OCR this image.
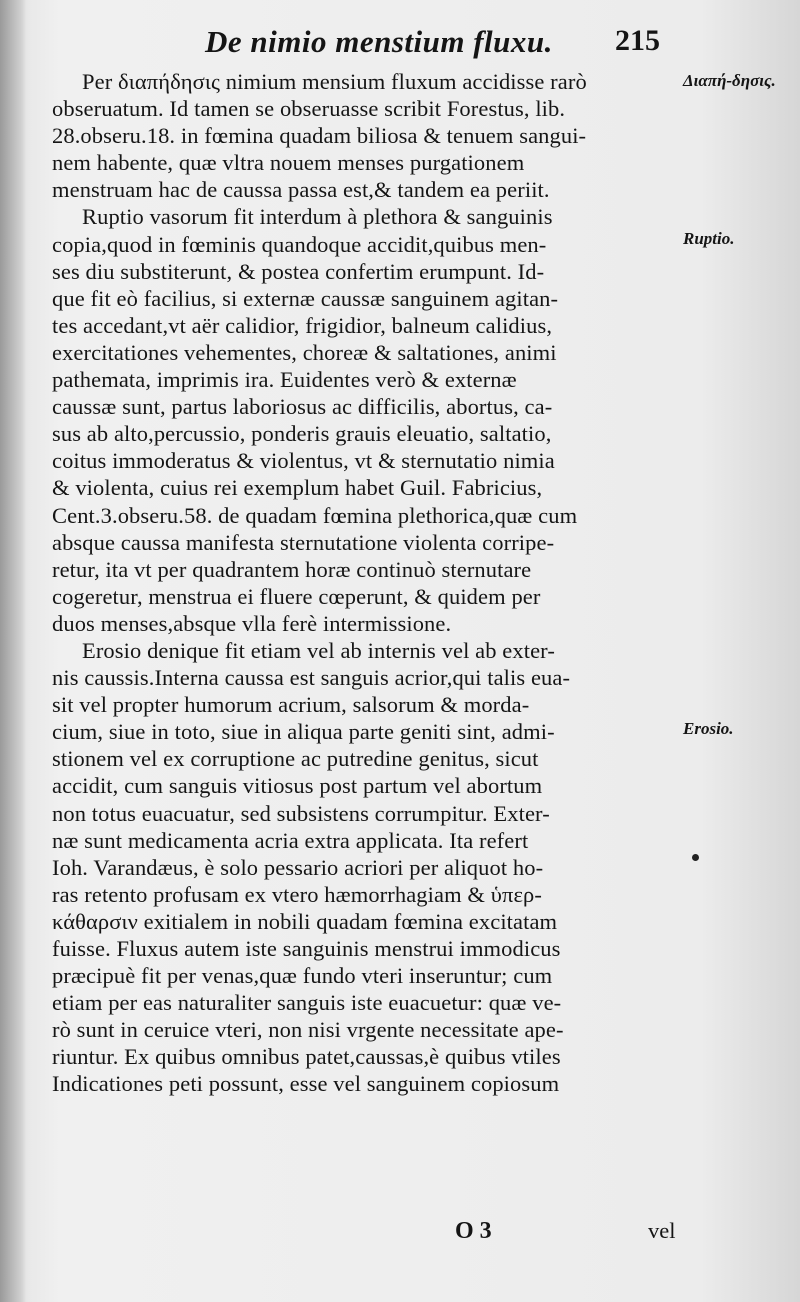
De nimio menstium fluxu. 215
Per διαπήδησις nimium mensium fluxum accidisse rarò
obseruatum. Id tamen se obseruasse scribit Forestus, lib.
28.obseru.18. in fœmina quadam biliosa & tenuem sangui-
nem habente, quæ vltra nouem menses purgationem
menstruam hac de caussa passa est,& tandem ea periit.
Ruptio vasorum fit interdum à plethora & sanguinis
copia,quod in fœminis quandoque accidit,quibus men-
ses diu substiterunt, & postea confertim erumpunt. Id-
que fit eò facilius, si externæ caussæ sanguinem agitan-
tes accedant,vt aër calidior, frigidior, balneum calidius,
exercitationes vehementes, choreæ & saltationes, animi
pathemata, imprimis ira. Euidentes verò & externæ
caussæ sunt, partus laboriosus ac difficilis, abortus, ca-
sus ab alto,percussio, ponderis grauis eleuatio, saltatio,
coitus immoderatus & violentus, vt & sternutatio nimia
& violenta, cuius rei exemplum habet Guil. Fabricius,
Cent.3.obseru.58. de quadam fœmina plethorica,quæ cum
absque caussa manifesta sternutatione violenta corripe-
retur, ita vt per quadrantem horæ continuò sternutare
cogeretur, menstrua ei fluere cœperunt, & quidem per
duos menses,absque vlla ferè intermissione.
Erosio denique fit etiam vel ab internis vel ab exter-
nis caussis.Interna caussa est sanguis acrior,qui talis eua-
sit vel propter humorum acrium, salsorum & morda-
cium, siue in toto, siue in aliqua parte geniti sint, admi-
stionem vel ex corruptione ac putredine genitus, sicut
accidit, cum sanguis vitiosus post partum vel abortum
non totus euacuatur, sed subsistens corrumpitur. Exter-
næ sunt medicamenta acria extra applicata. Ita refert
Ioh. Varandæus, è solo pessario acriori per aliquot ho-
ras retento profusam ex vtero hæmorrhagiam & ὑπερ-
κάθαρσιν exitialem in nobili quadam fœmina excitatam
fuisse. Fluxus autem iste sanguinis menstrui immodicus
præcipuè fit per venas,quæ fundo vteri inseruntur; cum
etiam per eas naturaliter sanguis iste euacuetur: quæ ve-
rò sunt in ceruice vteri, non nisi vrgente necessitate ape-
riuntur. Ex quibus omnibus patet,caussas,è quibus vtiles
Indicationes peti possunt, esse vel sanguinem copiosum
Διαπή-δησις.
Ruptio.
Erosio.
O 3	vel
